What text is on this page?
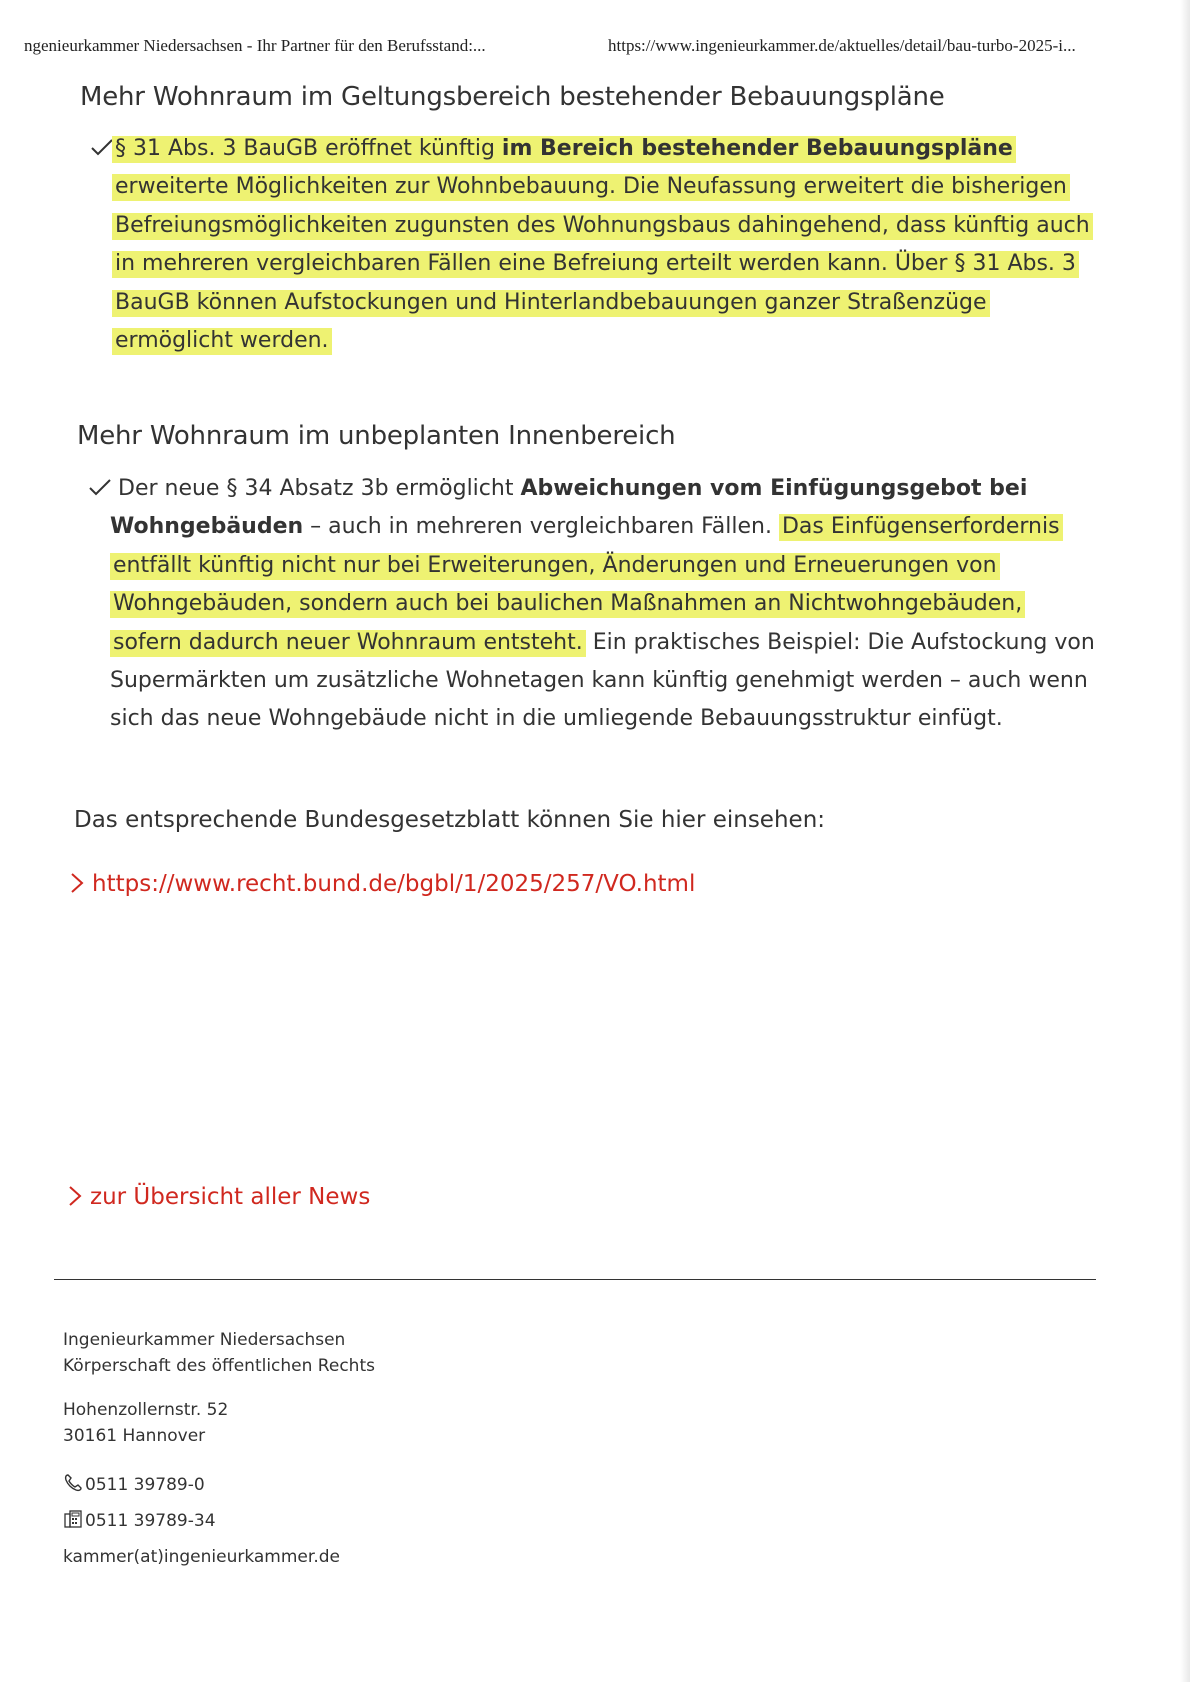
ngenieurkammer Niedersachsen - Ihr Partner für den Berufsstand:...	https://www.ingenieurkammer.de/aktuelles/detail/bau-turbo-2025-i...
Mehr Wohnraum im Geltungsbereich bestehender Bebauungspläne

§ 31 Abs. 3 BauGB eröffnet künftig im Bereich bestehender Bebauungspläne erweiterte Möglichkeiten zur Wohnbebauung. Die Neufassung erweitert die bisherigen Befreiungsmöglichkeiten zugunsten des Wohnungsbaus dahingehend, dass künftig auch in mehreren vergleichbaren Fällen eine Befreiung erteilt werden kann. Über § 31 Abs. 3 BauGB können Aufstockungen und Hinterlandbebauungen ganzer Straßenzüge ermöglicht werden.

Mehr Wohnraum im unbeplanten Innenbereich

Der neue § 34 Absatz 3b ermöglicht Abweichungen vom Einfügungsgebot bei Wohngebäuden – auch in mehreren vergleichbaren Fällen. Das Einfügenserfordernis entfällt künftig nicht nur bei Erweiterungen, Änderungen und Erneuerungen von Wohngebäuden, sondern auch bei baulichen Maßnahmen an Nichtwohngebäuden, sofern dadurch neuer Wohnraum entsteht. Ein praktisches Beispiel: Die Aufstockung von Supermärkten um zusätzliche Wohnetagen kann künftig genehmigt werden – auch wenn sich das neue Wohngebäude nicht in die umliegende Bebauungsstruktur einfügt.

Das entsprechende Bundesgesetzblatt können Sie hier einsehen:

https://www.recht.bund.de/bgbl/1/2025/257/VO.html
zur Übersicht aller News
Ingenieurkammer Niedersachsen
Körperschaft des öffentlichen Rechts
Hohenzollernstr. 52
30161 Hannover
0511 39789-0
0511 39789-34
kammer(at)ingenieurkammer.de
